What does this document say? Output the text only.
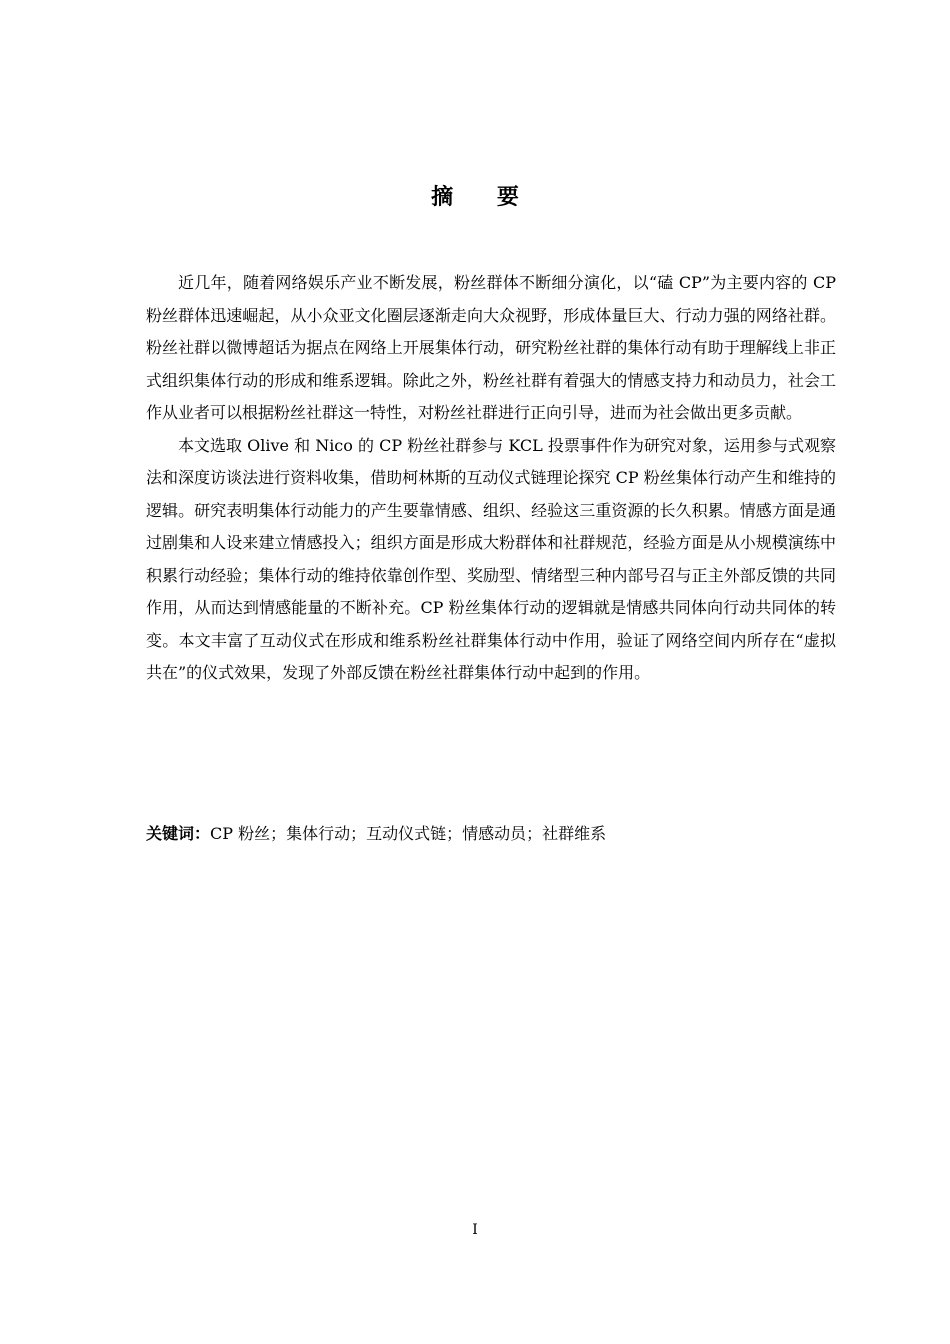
摘 要

近几年，随着网络娱乐产业不断发展，粉丝群体不断细分演化，以“磕 CP”为主要内容的 CP 粉丝群体迅速崛起，从小众亚文化圈层逐渐走向大众视野，形成体量巨大、行动力强的网络社群。粉丝社群以微博超话为据点在网络上开展集体行动，研究粉丝社群的集体行动有助于理解线上非正式组织集体行动的形成和维系逻辑。除此之外，粉丝社群有着强大的情感支持力和动员力，社会工作从业者可以根据粉丝社群这一特性，对粉丝社群进行正向引导，进而为社会做出更多贡献。

本文选取 Olive 和 Nico 的 CP 粉丝社群参与 KCL 投票事件作为研究对象，运用参与式观察法和深度访谈法进行资料收集，借助柯林斯的互动仪式链理论探究 CP 粉丝集体行动产生和维持的逻辑。研究表明集体行动能力的产生要靠情感、组织、经验这三重资源的长久积累。情感方面是通过剧集和人设来建立情感投入；组织方面是形成大粉群体和社群规范，经验方面是从小规模演练中积累行动经验；集体行动的维持依靠创作型、奖励型、情绪型三种内部号召与正主外部反馈的共同作用，从而达到情感能量的不断补充。CP 粉丝集体行动的逻辑就是情感共同体向行动共同体的转变。本文丰富了互动仪式在形成和维系粉丝社群集体行动中作用，验证了网络空间内所存在“虚拟共在”的仪式效果，发现了外部反馈在粉丝社群集体行动中起到的作用。

关键词：CP 粉丝；集体行动；互动仪式链；情感动员；社群维系
I
